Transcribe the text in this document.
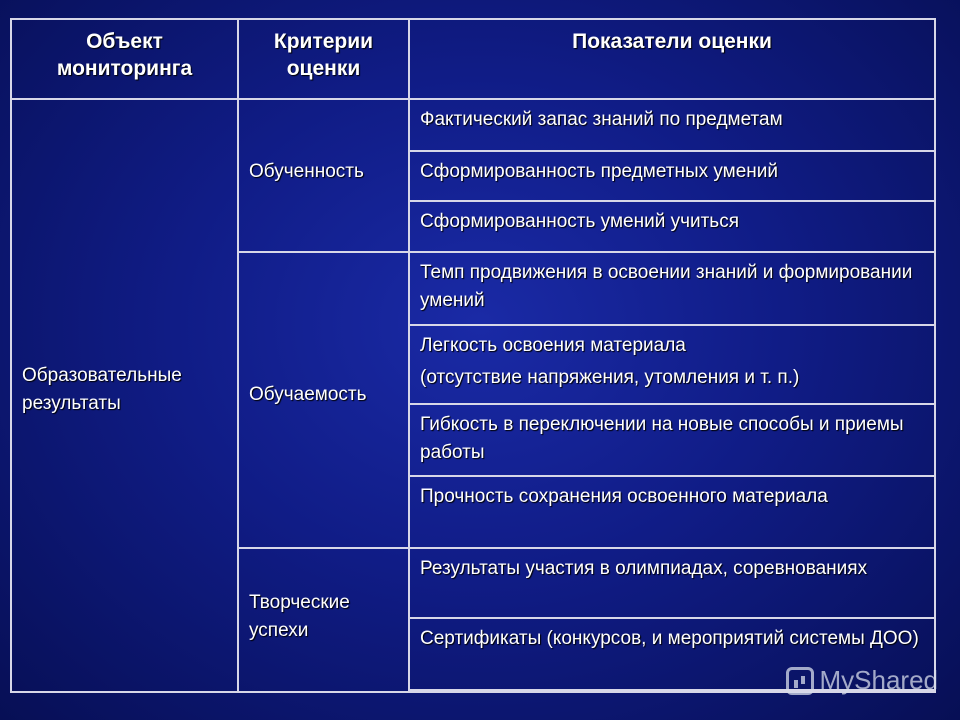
Объект мониторинга	Критерии оценки	Показатели оценки
Образовательные результаты	Обученность	Фактический запас знаний по предметам
		Сформированность предметных умений
		Сформированность умений учиться
	Обучаемость	Темп продвижения в освоении знаний и формировании умений

		Легкость освоения материала
(отсутствие напряжения, утомления и т. п.)

		Гибкость в переключении на новые способы и приемы работы
		Прочность сохранения освоенного материала
	Творческие успехи	Результаты участия в олимпиадах, соревнованиях
		Сертификаты (конкурсов, и мероприятий системы ДОО)

MyShared
